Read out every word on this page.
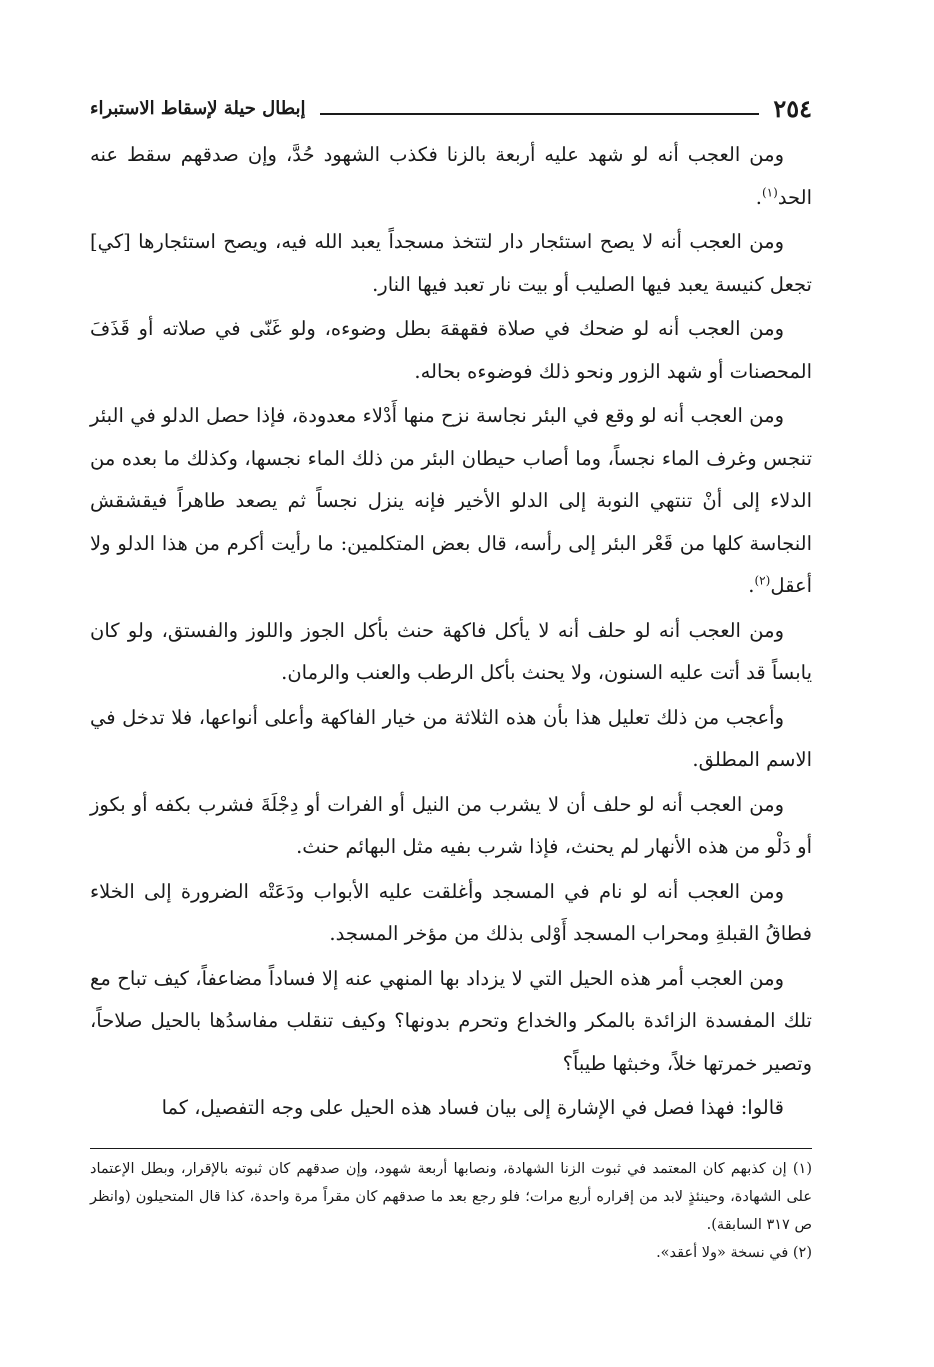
٢٥٤
إبطال حيلة لإسقاط الاستبراء

ومن العجب أنه لو شهد عليه أربعة بالزنا فكذب الشهود حُدَّ، وإن صدقهم سقط عنه الحد$^{(١)}$.

ومن العجب أنه لا يصح استئجار دار لتتخذ مسجداً يعبد الله فيه، ويصح استئجارها [كي] تجعل كنيسة يعبد فيها الصليب أو بيت نار تعبد فيها النار.

ومن العجب أنه لو ضحك في صلاة فقهقهَ بطل وضوءه، ولو غَنّى في صلاته أو قَذَفَ المحصنات أو شهد الزور ونحو ذلك فوضوءه بحاله.

ومن العجب أنه لو وقع في البئر نجاسة نزح منها أَدْلاء معدودة، فإذا حصل الدلو في البئر تنجس وغرف الماء نجساً، وما أصاب حيطان البئر من ذلك الماء نجسها، وكذلك ما بعده من الدلاء إلى أنْ تنتهي النوبة إلى الدلو الأخير فإنه ينزل نجساً ثم يصعد طاهراً فيقشقش النجاسة كلها من قَعْر البئر إلى رأسه، قال بعض المتكلمين: ما رأيت أكرم من هذا الدلو ولا أعقل$^{(٢)}$.

ومن العجب أنه لو حلف أنه لا يأكل فاكهة حنث بأكل الجوز واللوز والفستق، ولو كان يابساً قد أتت عليه السنون، ولا يحنث بأكل الرطب والعنب والرمان.

وأعجب من ذلك تعليل هذا بأن هذه الثلاثة من خيار الفاكهة وأعلى أنواعها، فلا تدخل في الاسم المطلق.

ومن العجب أنه لو حلف أن لا يشرب من النيل أو الفرات أو دِجْلَةَ فشرب بكفه أو بكوز أو دَلْو من هذه الأنهار لم يحنث، فإذا شرب بفيه مثل البهائم حنث.

ومن العجب أنه لو نام في المسجد وأغلقت عليه الأبواب ودَعَتْه الضرورة إلى الخلاء فطاقُ القبلةِ ومحراب المسجد أَوْلى بذلك من مؤخر المسجد.

ومن العجب أمر هذه الحيل التي لا يزداد بها المنهي عنه إلا فساداً مضاعفاً، كيف تباح مع تلك المفسدة الزائدة بالمكر والخداع وتحرم بدونها؟ وكيف تنقلب مفاسدُها بالحيل صلاحاً، وتصير خمرتها خلاً، وخبثها طيباً؟

قالوا: فهذا فصل في الإشارة إلى بيان فساد هذه الحيل على وجه التفصيل، كما

(١) إن كذبهم كان المعتمد في ثبوت الزنا الشهادة، ونصابها أربعة شهود، وإن صدقهم كان ثبوته بالإقرار، وبطل الإعتماد على الشهادة، وحينئذٍ لابد من إقراره أربع مرات؛ فلو رجع بعد ما صدقهم كان مقراً مرة واحدة، كذا قال المتحيلون (وانظر ص ٣١٧ السابقة).

(٢) في نسخة «ولا أعقد».
